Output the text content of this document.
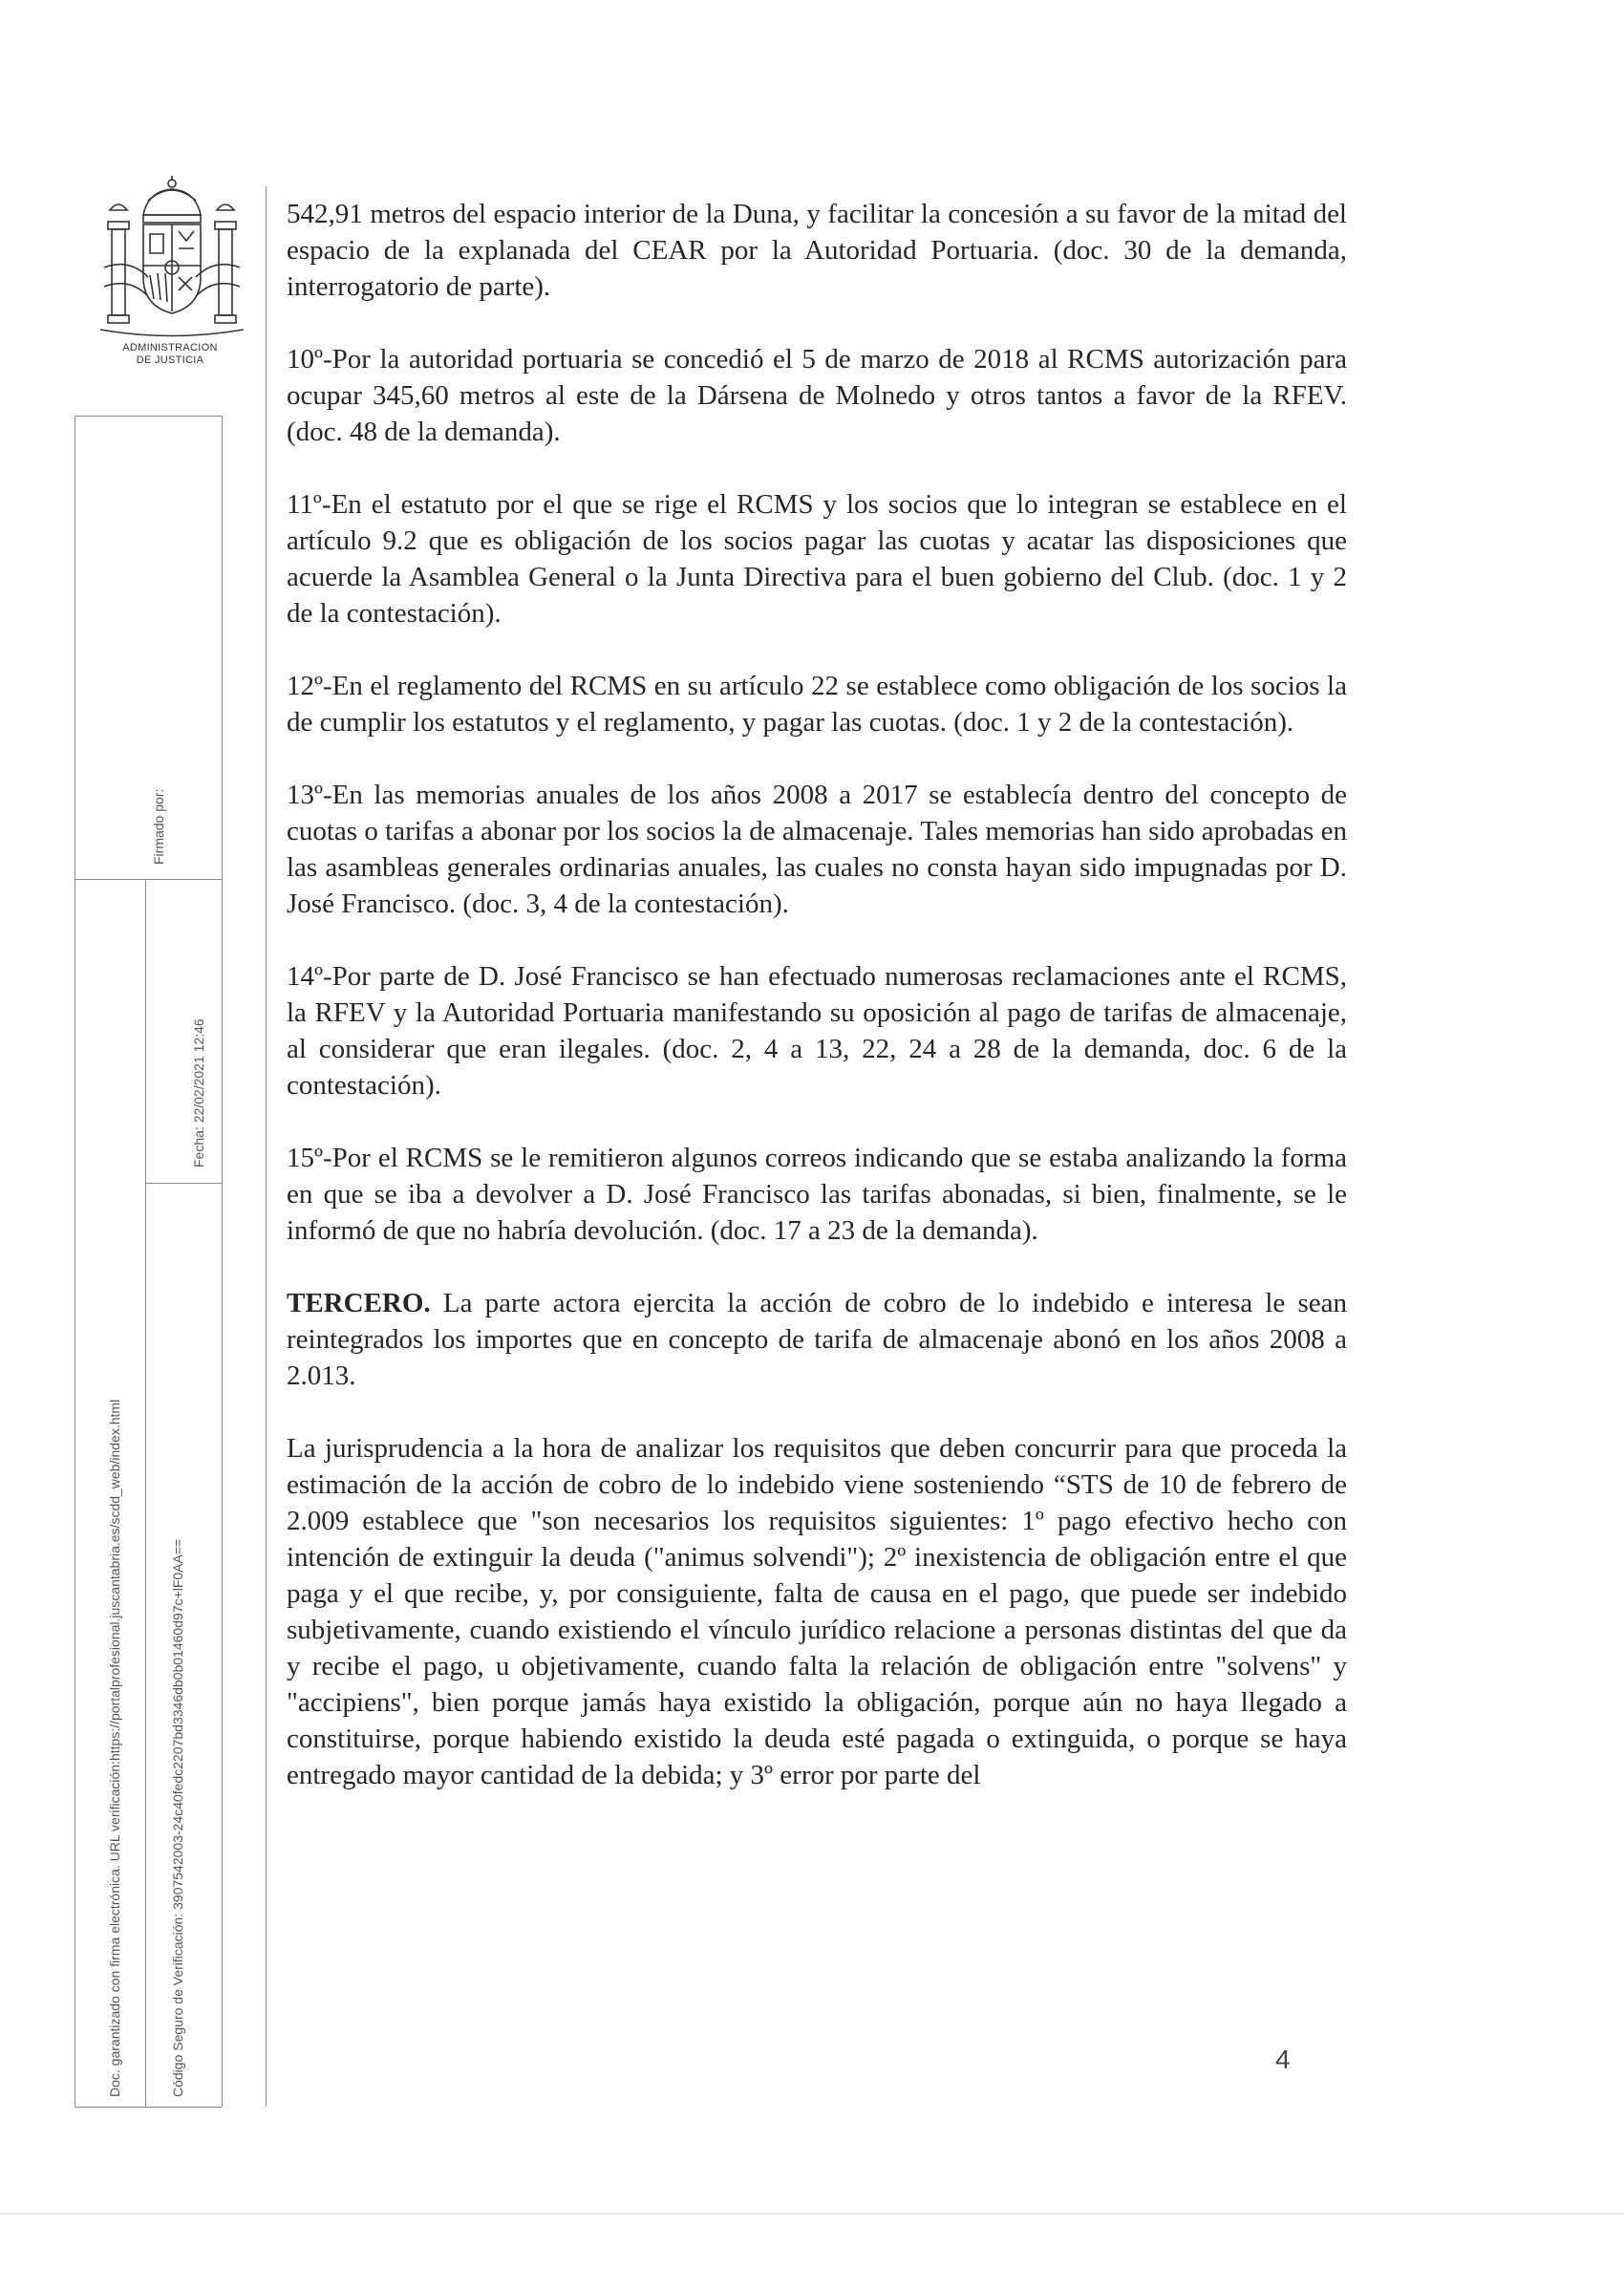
ADMINISTRACION
DE JUSTICIA
Firmado por:
Fecha: 22/02/2021 12:46
Doc. garantizado con firma electrónica. URL verificación:https://portalprofesional.juscantabria.es/scdd_web/index.html	Código Seguro de Verificación: 3907542003-24c40fedc2207bd3346db0b01460d97c+lF0AA==

542,91 metros del espacio interior de la Duna, y facilitar la concesión a su favor de la mitad del espacio de la explanada del CEAR por la Autoridad Portuaria. (doc. 30 de la demanda, interrogatorio de parte).

10º-Por la autoridad portuaria se concedió el 5 de marzo de 2018 al RCMS autorización para ocupar 345,60 metros al este de la Dársena de Molnedo y otros tantos a favor de la RFEV. (doc. 48 de la demanda).

11º-En el estatuto por el que se rige el RCMS y los socios que lo integran se establece en el artículo 9.2 que es obligación de los socios pagar las cuotas y acatar las disposiciones que acuerde la Asamblea General o la Junta Directiva para el buen gobierno del Club. (doc. 1 y 2 de la contestación).

12º-En el reglamento del RCMS en su artículo 22 se establece como obligación de los socios la de cumplir los estatutos y el reglamento, y pagar las cuotas. (doc. 1 y 2 de la contestación).

13º-En las memorias anuales de los años 2008 a 2017 se establecía dentro del concepto de cuotas o tarifas a abonar por los socios la de almacenaje. Tales memorias han sido aprobadas en las asambleas generales ordinarias anuales, las cuales no consta hayan sido impugnadas por D. José Francisco. (doc. 3, 4 de la contestación).

14º-Por parte de D. José Francisco se han efectuado numerosas reclamaciones ante el RCMS, la RFEV y la Autoridad Portuaria manifestando su oposición al pago de tarifas de almacenaje, al considerar que eran ilegales. (doc. 2, 4 a 13, 22, 24 a 28 de la demanda, doc. 6 de la contestación).

15º-Por el RCMS se le remitieron algunos correos indicando que se estaba analizando la forma en que se iba a devolver a D. José Francisco las tarifas abonadas, si bien, finalmente, se le informó de que no habría devolución. (doc. 17 a 23 de la demanda).

TERCERO. La parte actora ejercita la acción de cobro de lo indebido e interesa le sean reintegrados los importes que en concepto de tarifa de almacenaje abonó en los años 2008 a 2.013.

La jurisprudencia a la hora de analizar los requisitos que deben concurrir para que proceda la estimación de la acción de cobro de lo indebido viene sosteniendo “STS de 10 de febrero de 2.009 establece que "son necesarios los requisitos siguientes: 1º pago efectivo hecho con intención de extinguir la deuda ("animus solvendi"); 2º inexistencia de obligación entre el que paga y el que recibe, y, por consiguiente, falta de causa en el pago, que puede ser indebido subjetivamente, cuando existiendo el vínculo jurídico relacione a personas distintas del que da y recibe el pago, u objetivamente, cuando falta la relación de obligación entre "solvens" y "accipiens", bien porque jamás haya existido la obligación, porque aún no haya llegado a constituirse, porque habiendo existido la deuda esté pagada o extinguida, o porque se haya entregado mayor cantidad de la debida; y 3º error por parte del

4
